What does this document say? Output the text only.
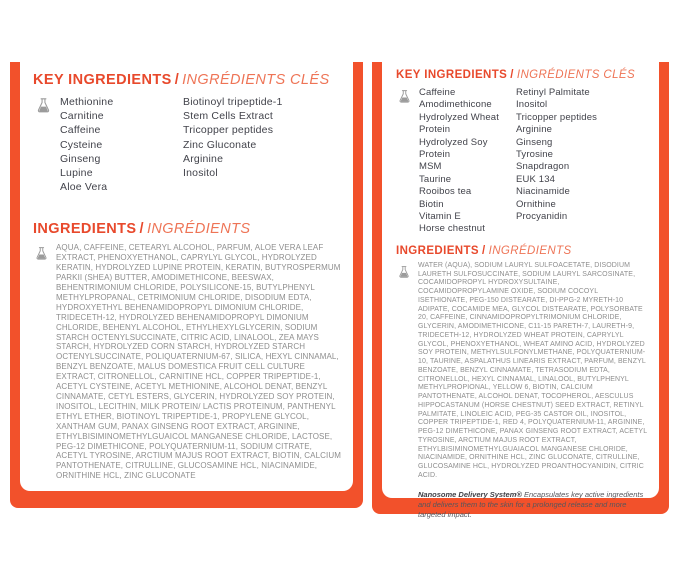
KEY INGREDIENTS / INGRÉDIENTS CLÉS
Methionine
Carnitine
Caffeine
Cysteine
Ginseng
Lupine
Aloe Vera
Biotinoyl tripeptide-1
Stem Cells Extract
Tricopper peptides
Zinc Gluconate
Arginine
Inositol
INGREDIENTS / INGRÉDIENTS
AQUA, CAFFEINE, CETEARYL ALCOHOL, PARFUM, ALOE VERA LEAF EXTRACT, PHENOXYETHANOL, CAPRYLYL GLYCOL, HYDROLYZED KERATIN, HYDROLYZED LUPINE PROTEIN, KERATIN, BUTYROSPERMUM PARKII (SHEA) BUTTER, AMODIMETHICONE, BEESWAX, BEHENTRIMONIUM CHLORIDE, POLYSILICONE-15, BUTYLPHENYL METHYLPROPANAL, CETRIMONIUM CHLORIDE, DISODIUM EDTA, HYDROXYETHYL BEHENAMIDOPROPYL DIMONIUM CHLORIDE, TRIDECETH-12, HYDROLYZED BEHENAMIDOPROPYL DIMONIUM CHLORIDE, BEHENYL ALCOHOL, ETHYLHEXYLGLYCERIN, SODIUM STARCH OCTENYLSUCCINATE, CITRIC ACID, LINALOOL, ZEA MAYS STARCH, HYDROLYZED CORN STARCH, HYDROLYZED STARCH OCTENYLSUCCINATE, POLIQUATERNIUM-67, SILICA, HEXYL CINNAMAL, BENZYL BENZOATE, MALUS DOMESTICA FRUIT CELL CULTURE EXTRACT, CITRONELLOL, CARNITINE HCL, COPPER TRIPEPTIDE-1, ACETYL CYSTEINE, ACETYL METHIONINE, ALCOHOL DENAT, BENZYL CINNAMATE, CETYL ESTERS, GLYCERIN, HYDROLYZED SOY PROTEIN, INOSITOL, LECITHIN, MILK PROTEIN/ LACTIS PROTEINUM, PANTHENYL ETHYL ETHER, BIOTINOYL TRIPEPTIDE-1, PROPYLENE GLYCOL, XANTHAM GUM, PANAX GINSENG ROOT EXTRACT, ARGININE, ETHYLBISIMINOMETHYLGUAICOL MANGANESE CHLORIDE, LACTOSE, PEG-12 DIMETHICONE, POLYQUATERNIUM-11, SODIUM CITRATE, ACETYL TYROSINE, ARCTIUM MAJUS ROOT EXTRACT, BIOTIN, CALCIUM PANTOTHENATE, CITRULLINE, GLUCOSAMINE HCL, NIACINAMIDE, ORNITHINE HCL, ZINC GLUCONATE
KEY INGREDIENTS / INGRÉDIENTS CLÉS
Caffeine
Amodimethicone
Hydrolyzed Wheat Protein
Hydrolyzed Soy Protein
MSM
Taurine
Rooibos tea
Biotin
Vitamin E
Horse chestnut
Retinyl Palmitate
Inositol
Tricopper peptides
Arginine
Ginseng
Tyrosine
Snapdragon
EUK 134
Niacinamide
Ornithine
Procyanidin
INGREDIENTS / INGRÉDIENTS
WATER (AQUA), SODIUM LAURYL SULFOACETATE, DISODIUM LAURETH SULFOSUCCINATE, SODIUM LAURYL SARCOSINATE, COCAMIDOPROPYL HYDROXYSULTAINE, COCAMIDOPROPYLAMINE OXIDE, SODIUM COCOYL ISETHIONATE, PEG-150 DISTEARATE, DI-PPG-2 MYRETH-10 ADIPATE, COCAMIDE MEA, GLYCOL DISTEARATE, POLYSORBATE 20, CAFFEINE, CINNAMIDOPROPYLTRIMONIUM CHLORIDE, GLYCERIN, AMODIMETHICONE, C11-15 PARETH-7, LAURETH-9, TRIDECETH-12, HYDROLYZED WHEAT PROTEIN, CAPRYLYL GLYCOL, PHENOXYETHANOL, WHEAT AMINO ACID, HYDROLYZED SOY PROTEIN, METHYLSULFONYLMETHANE, POLYQUATERNIUM-10, TAURINE, ASPALATHUS LINEARIS EXTRACT, PARFUM, BENZYL BENZOATE, BENZYL CINNAMATE, TETRASODIUM EDTA, CITRONELLOL, HEXYL CINNAMAL, LINALOOL, BUTYLPHENYL METHYLPROPIONAL, YELLOW 6, BIOTIN, CALCIUM PANTOTHENATE, ALCOHOL DENAT, TOCOPHEROL, AESCULUS HIPPOCASTANUM (HORSE CHESTNUT) SEED EXTRACT, RETINYL PALMITATE, LINOLEIC ACID, PEG-35 CASTOR OIL, INOSITOL, COPPER TRIPEPTIDE-1, RED 4, POLYQUATERNIUM-11, ARGININE, PEG-12 DIMETHICONE, PANAX GINSENG ROOT EXTRACT, ACETYL TYROSINE, ARCTIUM MAJUS ROOT EXTRACT, ETHYLBISIMINOMETHYLGUAIACOL MANGANESE CHLORIDE, NIACINAMIDE, ORNITHINE HCL, ZINC GLUCONATE, CITRULLINE, GLUCOSAMINE HCL, HYDROLYZED PROANTHOCYANIDIN, CITRIC ACID.
Nanosome Delivery System® Encapsulates key active ingredients and delivers them to the skin for a prolonged release and more targeted impact.
